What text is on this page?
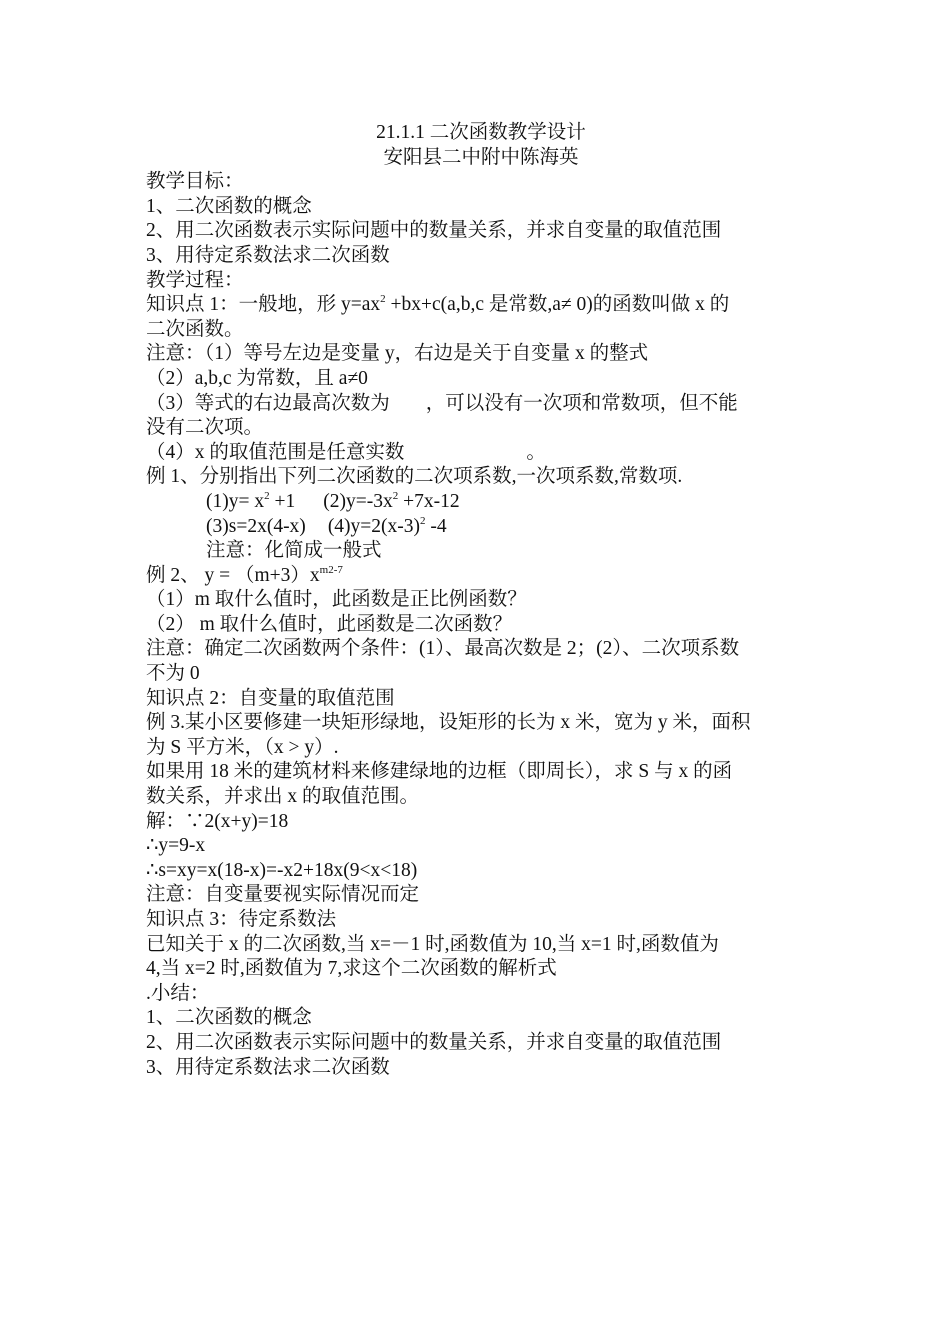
21.1.1 二次函数教学设计
安阳县二中附中陈海英
教学目标：
1、二次函数的概念
2、用二次函数表示实际问题中的数量关系，并求自变量的取值范围
3、用待定系数法求二次函数
教学过程：
知识点 1：一般地，形 $y=ax^2 +bx+c(a,b,c$ 是常数,a≠ 0)的函数叫做 x 的
二次函数。
注意：（1）等号左边是变量 y，右边是关于自变量 x 的整式
（2）a,b,c 为常数，且 a≠0
（3）等式的右边最高次数为 ，可以没有一次项和常数项，但不能
没有二次项。
（4）x 的取值范围是任意实数	。
例 1、分别指出下列二次函数的二次项系数,一次项系数,常数项.
$(1)y= x^2 +1$ $(2)y=-3x^2 +7x-12$
(3)s=2x(4-x) $(4)y=2(x-3)^2$ -4
注意：化简成一般式
例 2、 $y = (m+3)x^{m2-7}$
（1）m 取什么值时，此函数是正比例函数？
（2） m 取什么值时，此函数是二次函数？
注意：确定二次函数两个条件：(1）、最高次数是 2；(2）、二次项系数
不为 0
知识点 2：自变量的取值范围
例 3.某小区要修建一块矩形绿地，设矩形的长为 x 米，宽为 y 米，面积
为 S 平方米，（x > y）.
如果用 18 米的建筑材料来修建绿地的边框（即周长），求 S 与 x 的函
数关系，并求出 x 的取值范围。
解：∵2(x+y)=18
∴y=9-x
∴s=xy=x(18-x)=-x2+18x(9<x<18)
注意：自变量要视实际情况而定
知识点 3：待定系数法
已知关于 x 的二次函数,当 x=－1 时,函数值为 10,当 x=1 时,函数值为
4,当 x=2 时,函数值为 7,求这个二次函数的解析式
.小结：
1、二次函数的概念
2、用二次函数表示实际问题中的数量关系，并求自变量的取值范围
3、用待定系数法求二次函数
